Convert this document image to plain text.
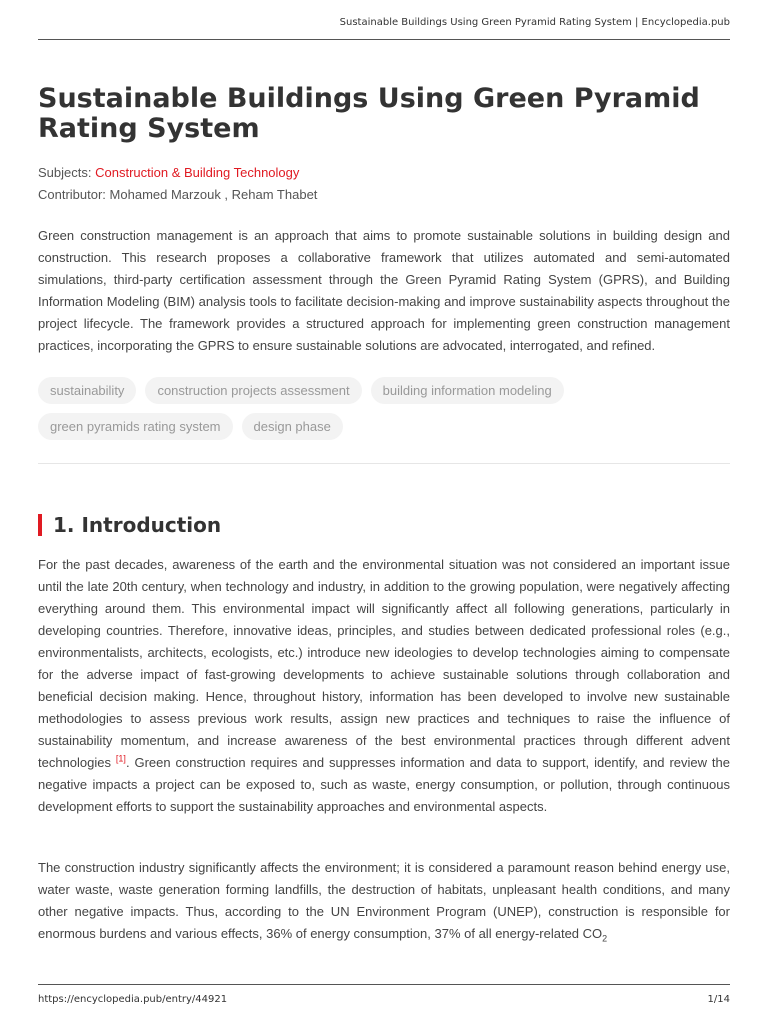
Sustainable Buildings Using Green Pyramid Rating System | Encyclopedia.pub
Sustainable Buildings Using Green Pyramid Rating System
Subjects: Construction & Building Technology
Contributor: Mohamed Marzouk , Reham Thabet

Green construction management is an approach that aims to promote sustainable solutions in building design and construction. This research proposes a collaborative framework that utilizes automated and semi-automated simulations, third-party certification assessment through the Green Pyramid Rating System (GPRS), and Building Information Modeling (BIM) analysis tools to facilitate decision-making and improve sustainability aspects throughout the project lifecycle. The framework provides a structured approach for implementing green construction management practices, incorporating the GPRS to ensure sustainable solutions are advocated, interrogated, and refined.

sustainability	construction projects assessment	building information modeling
green pyramids rating system	design phase
1. Introduction

For the past decades, awareness of the earth and the environmental situation was not considered an important issue until the late 20th century, when technology and industry, in addition to the growing population, were negatively affecting everything around them. This environmental impact will significantly affect all following generations, particularly in developing countries. Therefore, innovative ideas, principles, and studies between dedicated professional roles (e.g., environmentalists, architects, ecologists, etc.) introduce new ideologies to develop technologies aiming to compensate for the adverse impact of fast-growing developments to achieve sustainable solutions through collaboration and beneficial decision making. Hence, throughout history, information has been developed to involve new sustainable methodologies to assess previous work results, assign new practices and techniques to raise the influence of sustainability momentum, and increase awareness of the best environmental practices through different advent technologies [1]. Green construction requires and suppresses information and data to support, identify, and review the negative impacts a project can be exposed to, such as waste, energy consumption, or pollution, through continuous development efforts to support the sustainability approaches and environmental aspects.

The construction industry significantly affects the environment; it is considered a paramount reason behind energy use, water waste, waste generation forming landfills, the destruction of habitats, unpleasant health conditions, and many other negative impacts. Thus, according to the UN Environment Program (UNEP), construction is responsible for enormous burdens and various effects, 36% of energy consumption, 37% of all energy-related $CO_2$

https://encyclopedia.pub/entry/44921	1/14
